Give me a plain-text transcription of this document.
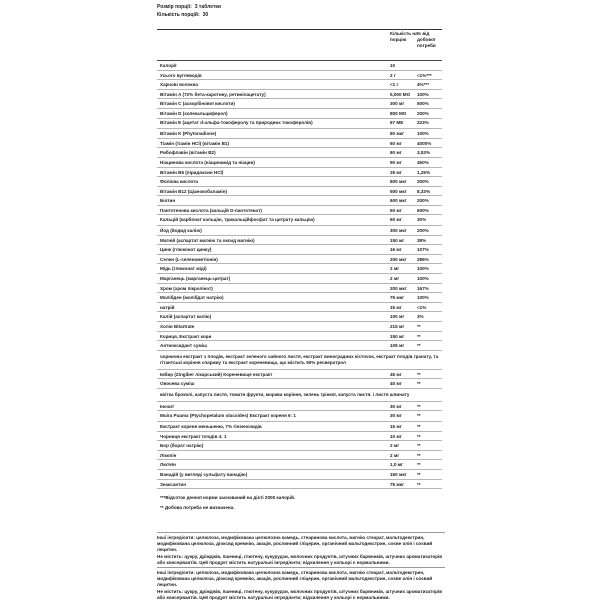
Розмір порції: 3 таблетки
Кількість порцій: 30
Кількість на порцію
% від добової потреби
Калорії	10
Усього вуглеводів	2 г	<1%***
Харчові волокна	<1 г	4%***
Вітамін A (72% бета-каротину, ретинілацетату)	5,000 МО	100%
Вітамін C (аскорбінової кислоти)	300 мг	500%
Вітамін D (холекальциферол)	800 МО	200%
Вітамін E (ацетат d-альфа-токоферолу та природних токоферолів)	67 МЕ	223%
Вітамін K (Phytonadione)	80 мкг	100%
Тіамін (тіамін HCl) (вітамін B1)	60 мг	4000%
Рибофлавін (вітамін B2)	60 мг	3,53%
Ніацинова кислота (ніацинамід та ніацин)	90 мг	450%
Вітамін B6 (піридоксин HCl)	25 мг	1,25%
Фолієва кислота	800 мкг	200%
Вітамін B12 (Ціанокобаламін)	500 мкг	8,33%
Біотин	600 мкг	200%
Пантотенова кислота (кальцій D-пантотенат)	60 мг	600%
Кальцій (карбонат кальцію, трикальційфосфат та цитрату кальцію)	60 мг	30%
Йод (йодид калію)	300 мкг	200%
Магній (аспартат магнію та оксид магнію)	150 мг	38%
Цинк (глюконат цинку)	16 мг	107%
Селен (L-селенометіонін)	200 мкг	286%
Мідь (глюконат міді)	2 мг	100%
Марганець (марганець-цитрат)	2 мг	100%
Хром (хром пікролінат)	200 мкг	167%
Молібден (молібдат натрію)	75 мкг	100%
натрій	15 мг	<1%
Калій (аспартат калію)	100 мг	3%
Холін Bitartrate	215 мг	**
Кориця, Екстракт кори	150 мг	**
Антиоксидант суміш	109 мг	**
чорнична екстракт з плодів, екстракт зеленого чайного листя, екстракт виноградних кісточок, екстракт плодів гранату, та гітантські коріння спаржиу та екстракт кореневища, що містить 50% ресвератрол
Імбир (Zingiber лікарський) Кореневище екстракт	45 мг	**
Овочева суміш	40 мг	**
квітка броколі, капуста листя, томатн фрукти, морква коріння, зелень грінкої, капуста листя. і листя шпинату
Інозит	30 мг	**
Muira Puama (Ptychopetalum olacoides) Екстракт кореня 6: 1	30 мг	**
Екстракт кореня женьшеню, 7% гінзенозидів	15 мг	**
Чорниця екстракт плодів 4: 1	10 мг	**
Бор (борат натрію)	2 мг	**
Лікопін	2 мг	**
Лютеїн	1,0 мг	**
Ванадій (у вигляді сульфату ванадію)	150 мкг	**
Зеаксантин	75 мкг	**
***Відсоток денної норми заснований на дієті 2000 калорій.
** Добова потреба не визначена.

Інші інгредієнти: целюлоза, модифікована целюлозна камедь, стеаринова кислота, магнію стеарат, мальтодекстрин, модифікована целюлоза, діоксид кремнію, акація, рослинний гліцерин, органічний мальтодекстрин, соєве олія і соєвий лецитин.

Не містить: цукру, дріжджів, пшениці, глютену, кукурудзи, молочних продуктів, штучних барвників, штучних ароматизаторів або консервантів. Цей продукт містить натуральні інгредієнти; відхилення у кольорі є нормальними.

Інші інгредієнти: целюлоза, модифікована целюлозна камедь, стеаринова кислота, магнію стеарат, мальтодекстрин, модифікована целюлоза, діоксид кремнію, акація, рослинний гліцерин, органічний мальтодекстрин, соєве олія і соєвий лецитин.

Не містить: цукру, дріжджів, пшениці, глютену, кукурудзи, молочних продуктів, штучних барвників, штучних ароматизаторів або консервантів. Цей продукт містить натуральні інгредієнти; відхилення у кольорі є нормальними.
